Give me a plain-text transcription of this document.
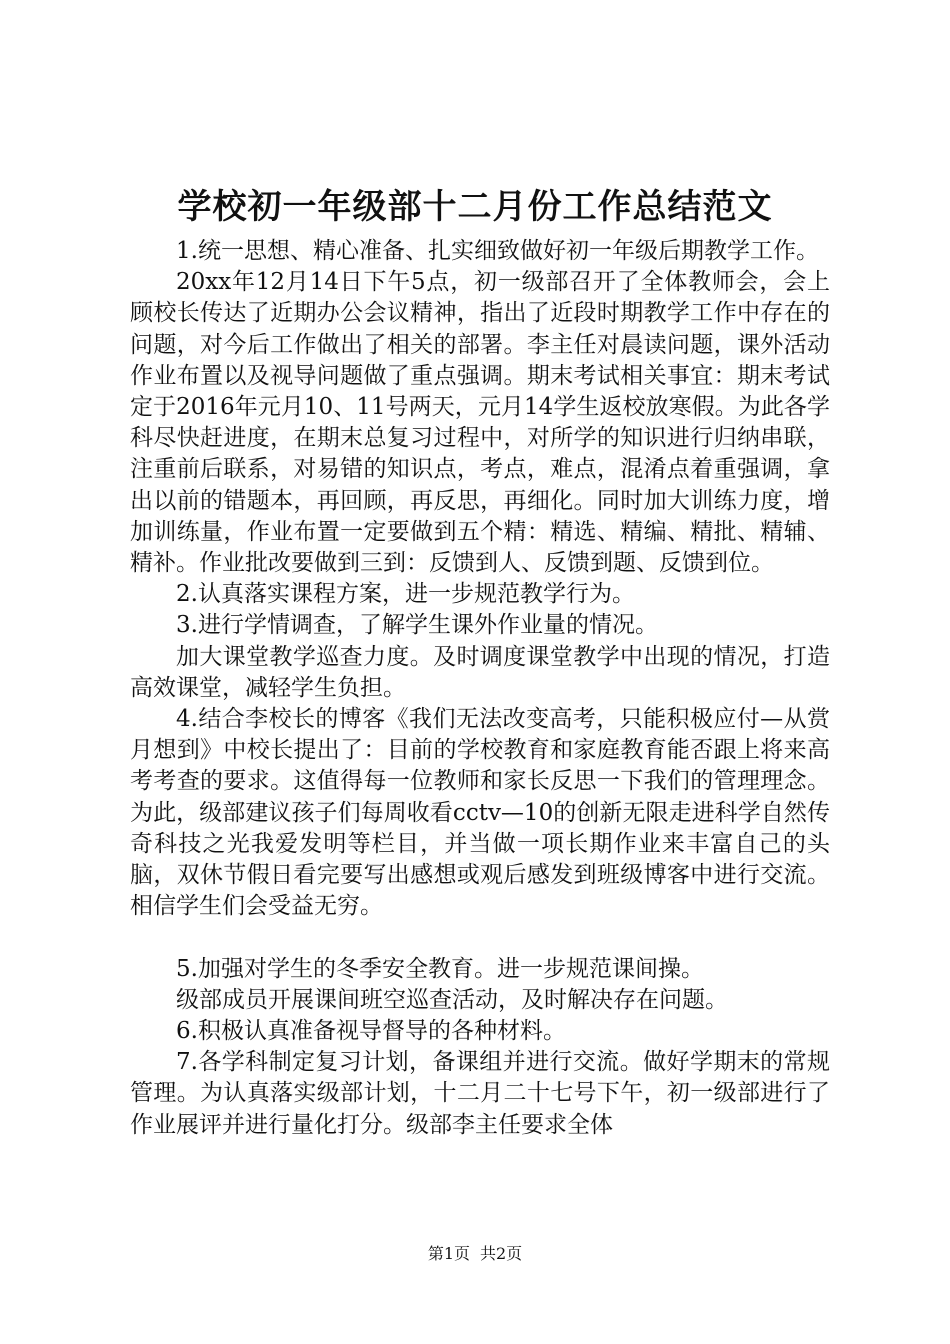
学校初一年级部十二月份工作总结范文

1.统一思想、精心准备、扎实细致做好初一年级后期教学工作。

20xx年12月14日下午5点，初一级部召开了全体教师会，会上顾校长传达了近期办公会议精神，指出了近段时期教学工作中存在的问题，对今后工作做出了相关的部署。李主任对晨读问题，课外活动作业布置以及视导问题做了重点强调。期末考试相关事宜：期末考试定于2016年元月10、11号两天，元月14学生返校放寒假。为此各学科尽快赶进度，在期末总复习过程中，对所学的知识进行归纳串联，注重前后联系，对易错的知识点，考点，难点，混淆点着重强调，拿出以前的错题本，再回顾，再反思，再细化。同时加大训练力度，增加训练量，作业布置一定要做到五个精：精选、精编、精批、精辅、精补。作业批改要做到三到：反馈到人、反馈到题、反馈到位。

2.认真落实课程方案，进一步规范教学行为。

3.进行学情调查，了解学生课外作业量的情况。

加大课堂教学巡查力度。及时调度课堂教学中出现的情况，打造高效课堂，减轻学生负担。

4.结合李校长的博客《我们无法改变高考，只能积极应付—从赏月想到》中校长提出了：目前的学校教育和家庭教育能否跟上将来高考考查的要求。这值得每一位教师和家长反思一下我们的管理理念。为此，级部建议孩子们每周收看cctv—10的创新无限走进科学自然传奇科技之光我爱发明等栏目，并当做一项长期作业来丰富自己的头脑，双休节假日看完要写出感想或观后感发到班级博客中进行交流。相信学生们会受益无穷。

5.加强对学生的冬季安全教育。进一步规范课间操。

级部成员开展课间班空巡查活动，及时解决存在问题。

6.积极认真准备视导督导的各种材料。

7.各学科制定复习计划，备课组并进行交流。做好学期末的常规管理。为认真落实级部计划，十二月二十七号下午，初一级部进行了作业展评并进行量化打分。级部李主任要求全体

第1页 共2页
